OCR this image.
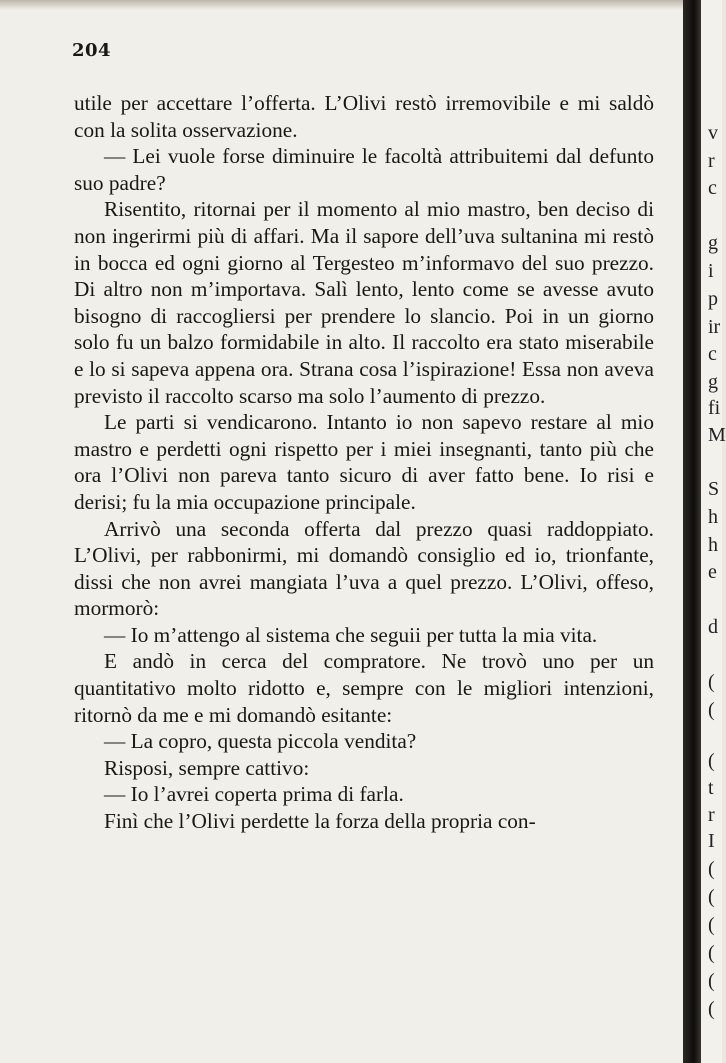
204

utile per accettare l’offerta. L’Olivi restò irremovibile e mi saldò con la solita osservazione.

— Lei vuole forse diminuire le facoltà attribuitemi dal defunto suo padre?

Risentito, ritornai per il momento al mio mastro, ben deciso di non ingerirmi più di affari. Ma il sapore dell’uva sultanina mi restò in bocca ed ogni giorno al Tergesteo m’informavo del suo prezzo. Di altro non m’importava. Salì lento, lento come se avesse avuto bisogno di raccogliersi per prendere lo slancio. Poi in un giorno solo fu un balzo formidabile in alto. Il raccolto era stato miserabile e lo si sapeva appena ora. Strana cosa l’ispirazione! Essa non aveva previsto il raccolto scarso ma solo l’aumento di prezzo.

Le parti si vendicarono. Intanto io non sapevo restare al mio mastro e perdetti ogni rispetto per i miei insegnanti, tanto più che ora l’Olivi non pareva tanto sicuro di aver fatto bene. Io risi e derisi; fu la mia occupazione principale.

Arrivò una seconda offerta dal prezzo quasi raddoppiato. L’Olivi, per rabbonirmi, mi domandò consiglio ed io, trionfante, dissi che non avrei mangiata l’uva a quel prezzo. L’Olivi, offeso, mormorò:

— Io m’attengo al sistema che seguii per tutta la mia vita.

E andò in cerca del compratore. Ne trovò uno per un quantitativo molto ridotto e, sempre con le migliori intenzioni, ritornò da me e mi domandò esitante:

— La copro, questa piccola vendita?

Risposi, sempre cattivo:

— Io l’avrei coperta prima di farla.

Finì che l’Olivi perdette la forza della propria con-

v
r
c
g
i
p
ir
c
g
fi
M
S
h
h
e
d
(
(
(
t
r
I
(
(
(
(
(
(
